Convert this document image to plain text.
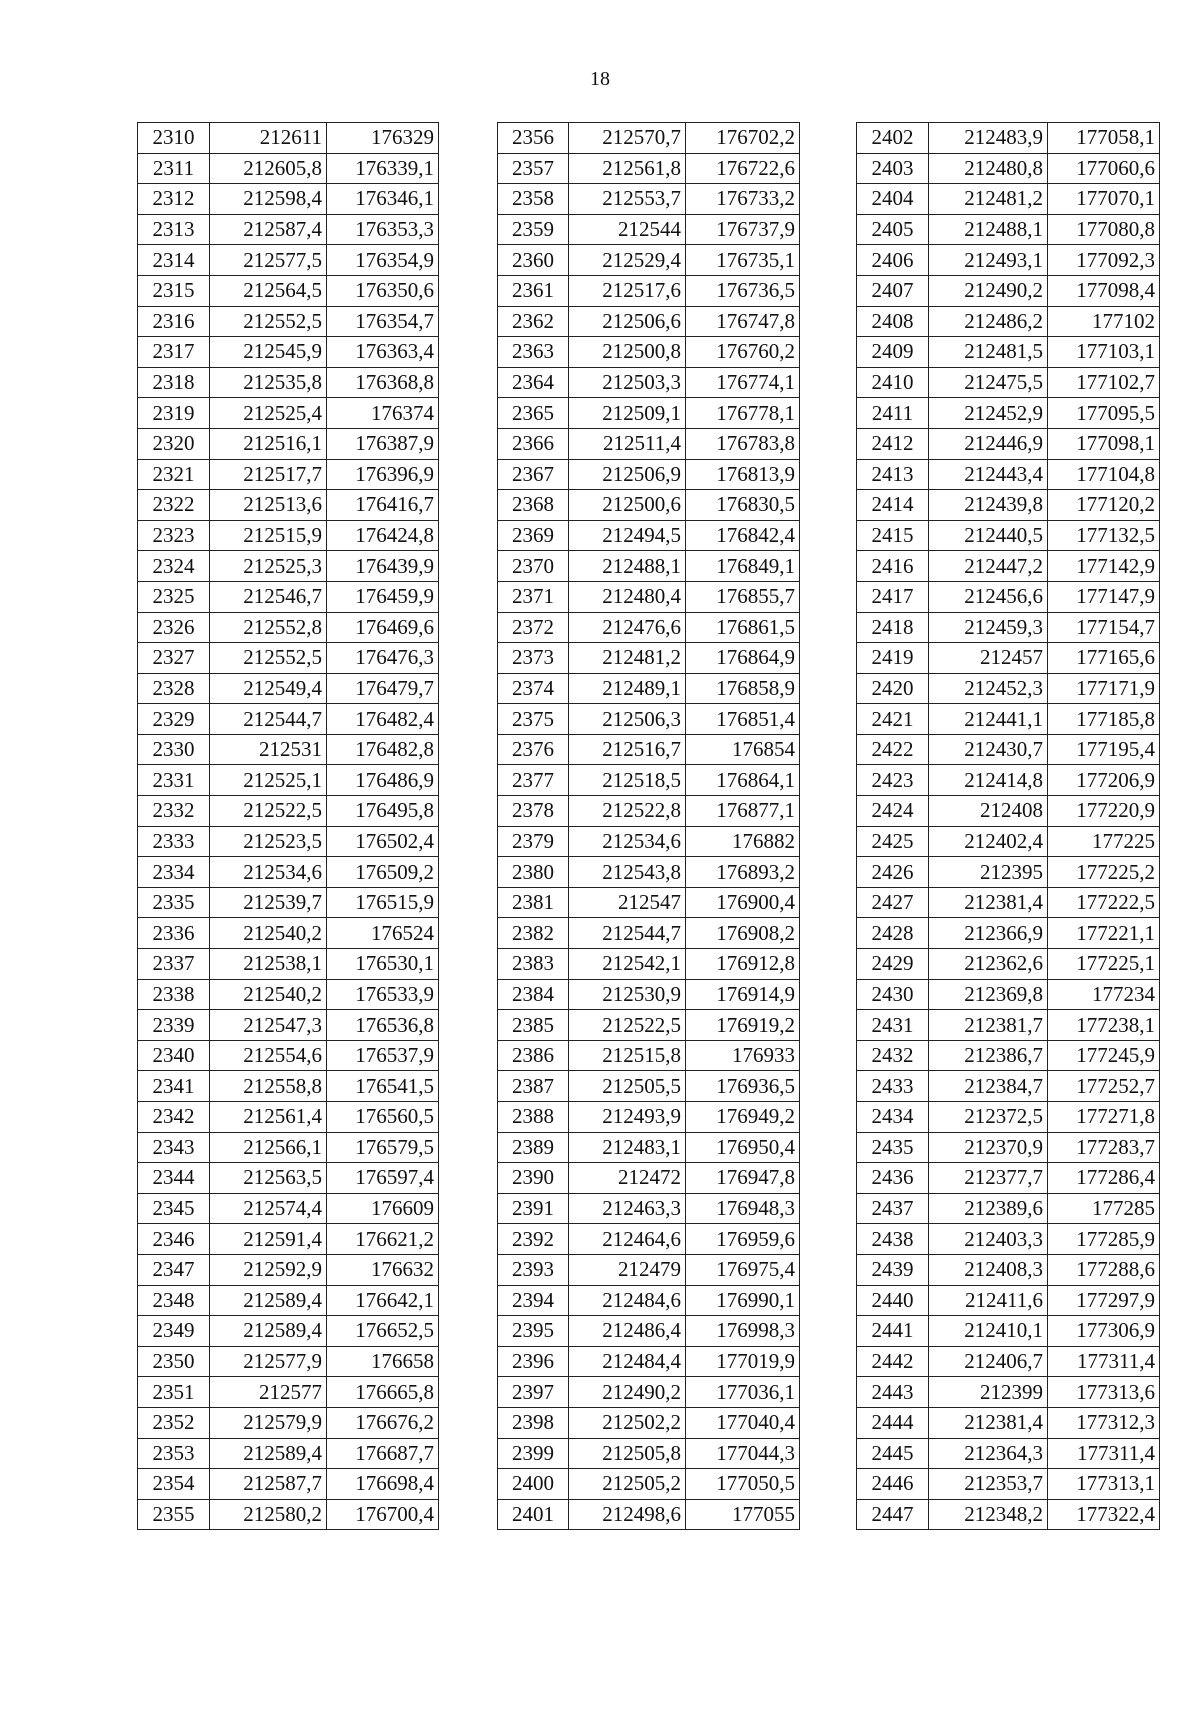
18
2310	212611	176329
2311	212605,8	176339,1
2312	212598,4	176346,1
2313	212587,4	176353,3
2314	212577,5	176354,9
2315	212564,5	176350,6
2316	212552,5	176354,7
2317	212545,9	176363,4
2318	212535,8	176368,8
2319	212525,4	176374
2320	212516,1	176387,9
2321	212517,7	176396,9
2322	212513,6	176416,7
2323	212515,9	176424,8
2324	212525,3	176439,9
2325	212546,7	176459,9
2326	212552,8	176469,6
2327	212552,5	176476,3
2328	212549,4	176479,7
2329	212544,7	176482,4
2330	212531	176482,8
2331	212525,1	176486,9
2332	212522,5	176495,8
2333	212523,5	176502,4
2334	212534,6	176509,2
2335	212539,7	176515,9
2336	212540,2	176524
2337	212538,1	176530,1
2338	212540,2	176533,9
2339	212547,3	176536,8
2340	212554,6	176537,9
2341	212558,8	176541,5
2342	212561,4	176560,5
2343	212566,1	176579,5
2344	212563,5	176597,4
2345	212574,4	176609
2346	212591,4	176621,2
2347	212592,9	176632
2348	212589,4	176642,1
2349	212589,4	176652,5
2350	212577,9	176658
2351	212577	176665,8
2352	212579,9	176676,2
2353	212589,4	176687,7
2354	212587,7	176698,4
2355	212580,2	176700,4
2356	212570,7	176702,2
2357	212561,8	176722,6
2358	212553,7	176733,2
2359	212544	176737,9
2360	212529,4	176735,1
2361	212517,6	176736,5
2362	212506,6	176747,8
2363	212500,8	176760,2
2364	212503,3	176774,1
2365	212509,1	176778,1
2366	212511,4	176783,8
2367	212506,9	176813,9
2368	212500,6	176830,5
2369	212494,5	176842,4
2370	212488,1	176849,1
2371	212480,4	176855,7
2372	212476,6	176861,5
2373	212481,2	176864,9
2374	212489,1	176858,9
2375	212506,3	176851,4
2376	212516,7	176854
2377	212518,5	176864,1
2378	212522,8	176877,1
2379	212534,6	176882
2380	212543,8	176893,2
2381	212547	176900,4
2382	212544,7	176908,2
2383	212542,1	176912,8
2384	212530,9	176914,9
2385	212522,5	176919,2
2386	212515,8	176933
2387	212505,5	176936,5
2388	212493,9	176949,2
2389	212483,1	176950,4
2390	212472	176947,8
2391	212463,3	176948,3
2392	212464,6	176959,6
2393	212479	176975,4
2394	212484,6	176990,1
2395	212486,4	176998,3
2396	212484,4	177019,9
2397	212490,2	177036,1
2398	212502,2	177040,4
2399	212505,8	177044,3
2400	212505,2	177050,5
2401	212498,6	177055
2402	212483,9	177058,1
2403	212480,8	177060,6
2404	212481,2	177070,1
2405	212488,1	177080,8
2406	212493,1	177092,3
2407	212490,2	177098,4
2408	212486,2	177102
2409	212481,5	177103,1
2410	212475,5	177102,7
2411	212452,9	177095,5
2412	212446,9	177098,1
2413	212443,4	177104,8
2414	212439,8	177120,2
2415	212440,5	177132,5
2416	212447,2	177142,9
2417	212456,6	177147,9
2418	212459,3	177154,7
2419	212457	177165,6
2420	212452,3	177171,9
2421	212441,1	177185,8
2422	212430,7	177195,4
2423	212414,8	177206,9
2424	212408	177220,9
2425	212402,4	177225
2426	212395	177225,2
2427	212381,4	177222,5
2428	212366,9	177221,1
2429	212362,6	177225,1
2430	212369,8	177234
2431	212381,7	177238,1
2432	212386,7	177245,9
2433	212384,7	177252,7
2434	212372,5	177271,8
2435	212370,9	177283,7
2436	212377,7	177286,4
2437	212389,6	177285
2438	212403,3	177285,9
2439	212408,3	177288,6
2440	212411,6	177297,9
2441	212410,1	177306,9
2442	212406,7	177311,4
2443	212399	177313,6
2444	212381,4	177312,3
2445	212364,3	177311,4
2446	212353,7	177313,1
2447	212348,2	177322,4
